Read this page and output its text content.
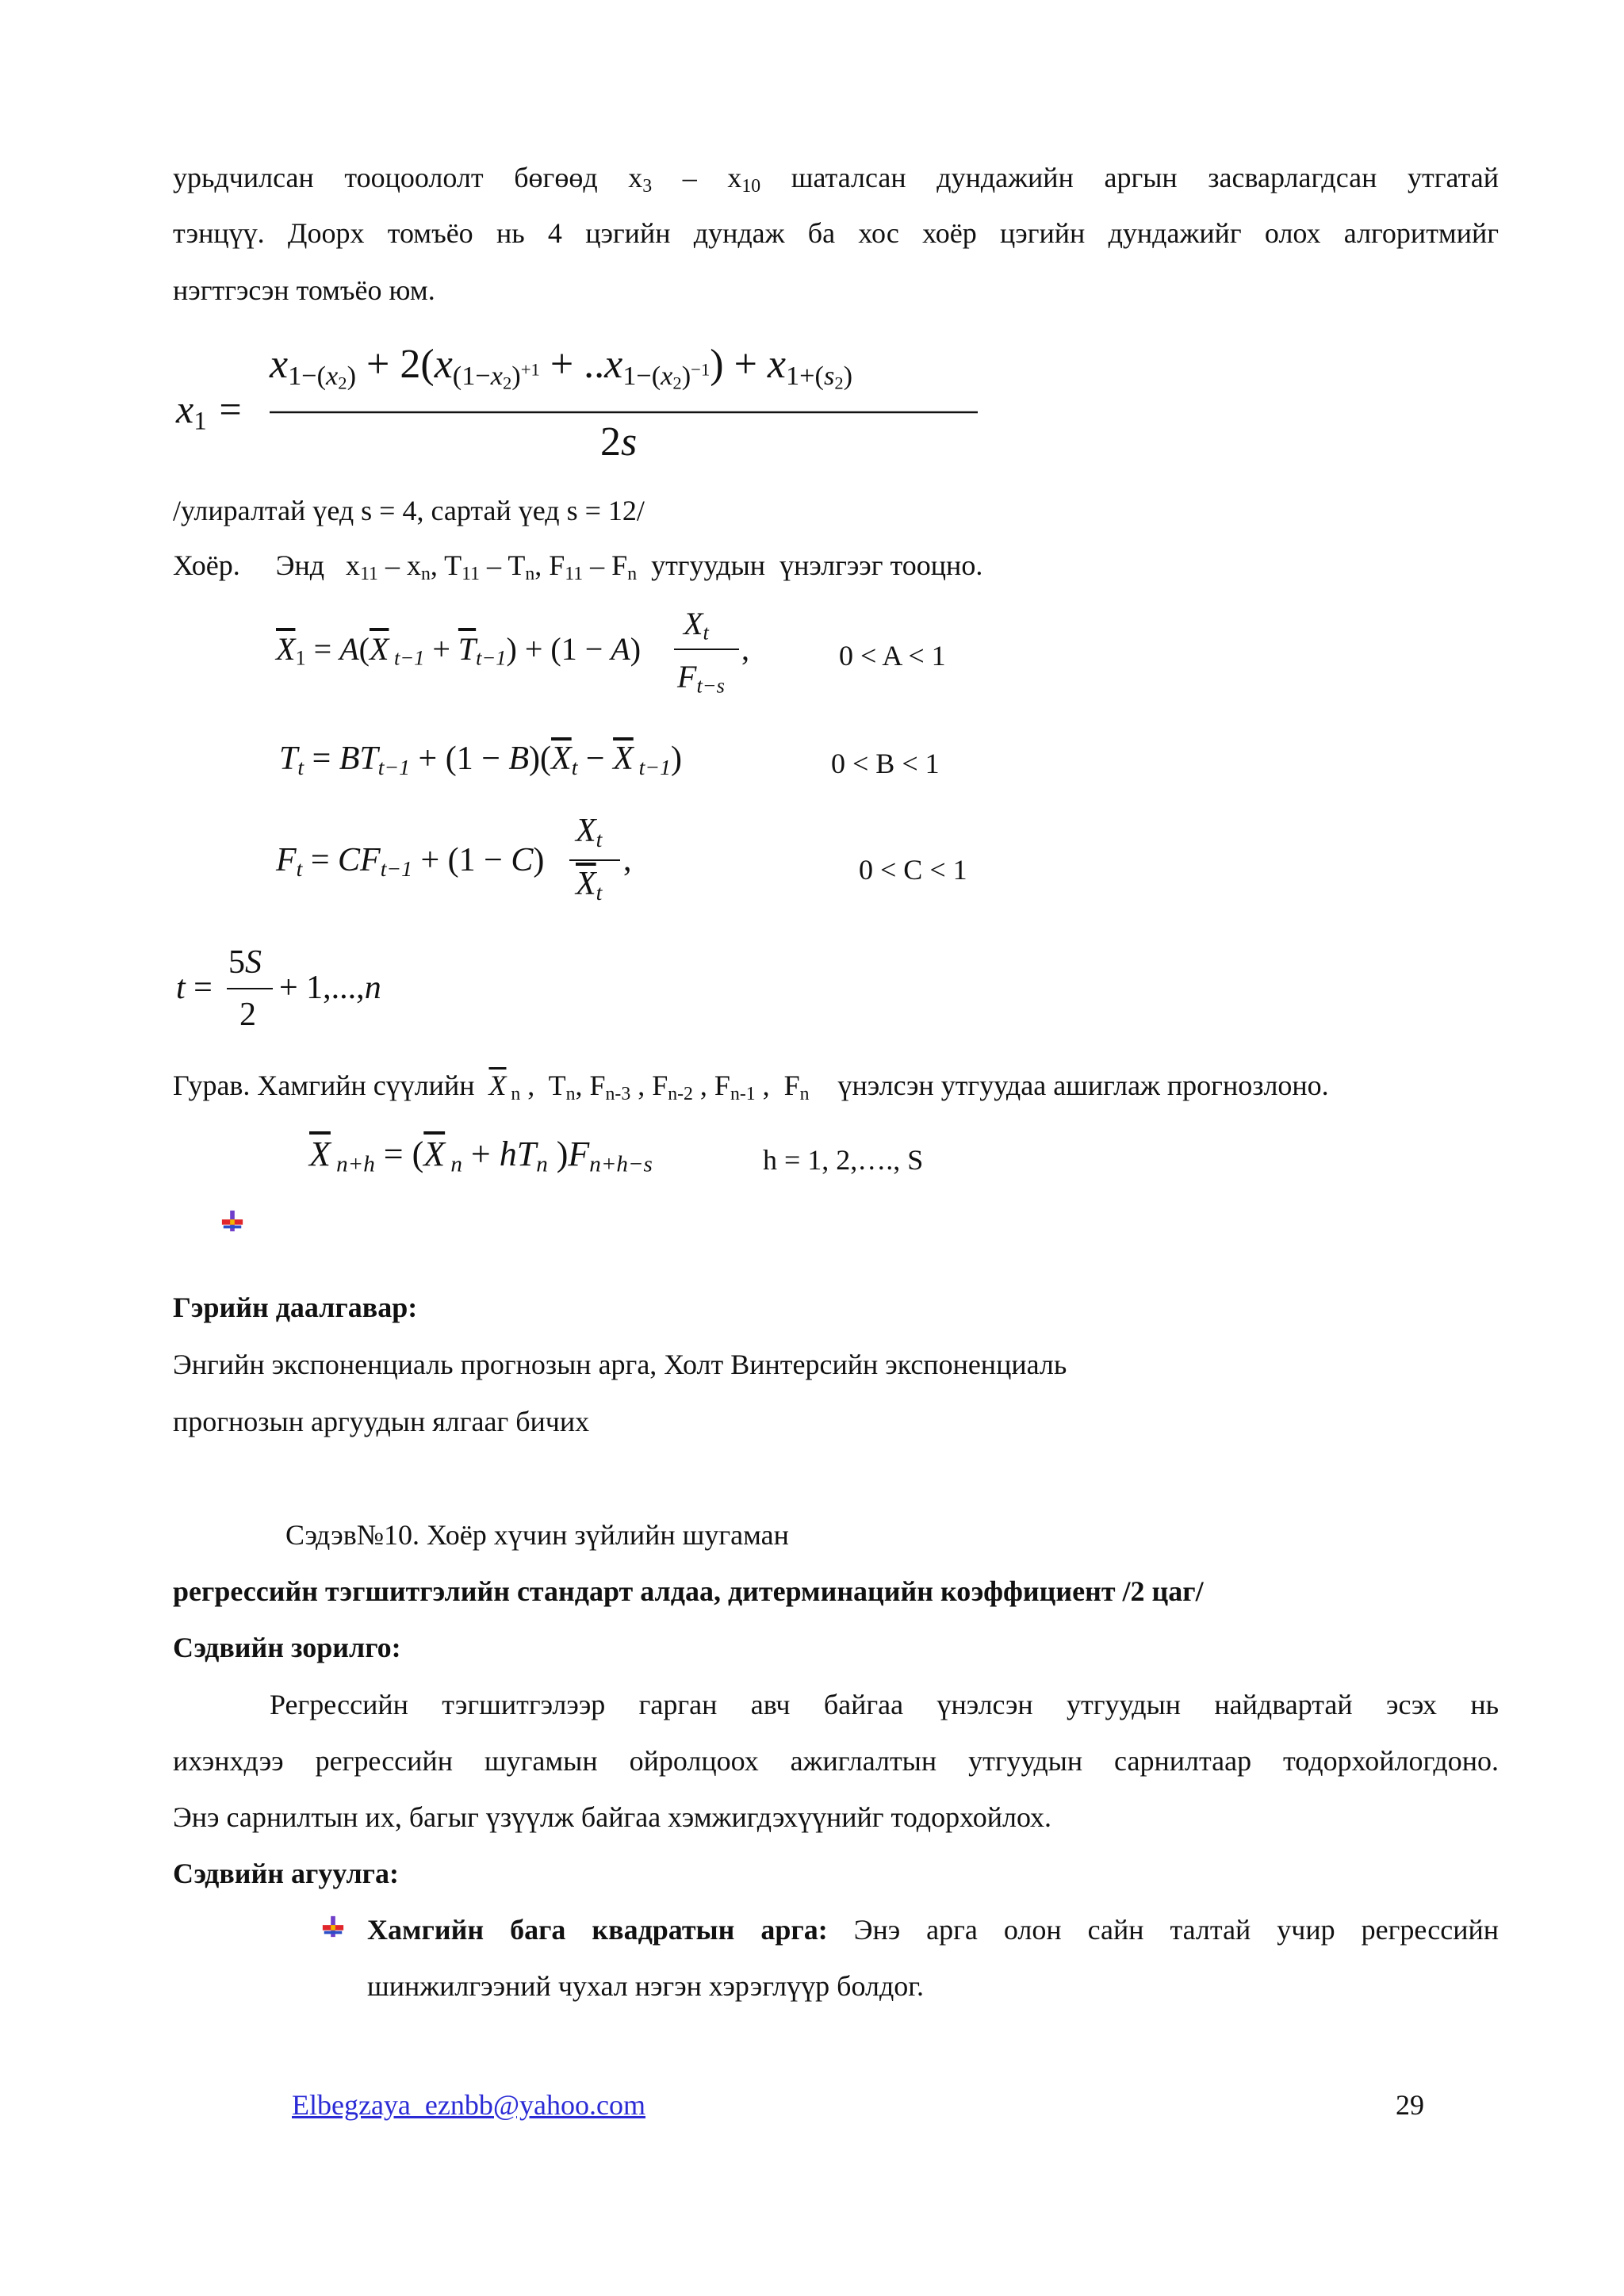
урьдчилсан  тооцоололт  бөгөөд  $x_3 - x_{10}$  шаталсан  дундажийн  аргын  засварлагдсан  утгатай
тэнцүү. Доорх томъёо нь 4 цэгийн дундаж ба хос хоёр цэгийн дундажийг олох алгоритмийг
нэгтгэсэн томъёо юм.
$x_1$ =
$x_{1-(x_2)} + 2(x_{(1-x_2)^{+1}} + ..x_{1-(x_2)^{-1}}) + x_{1+(s_2)}$
2s
/улиралтай үед s = 4, сартай үед s = 12/
Хоёр.     Энд   $x_{11} - x_n$, $T_{11} - T_n$, $F_{11} - F_n$  утгуудын  үнэлгээг тооцно.
$\overline{X}_1 = A(\overline{X}$ $_{t-1} + \overline{T}_{t-1}) + (1 - A)$
$X_t$
$F_{t-s}$
,	0 < A < 1
$T_t = BT_{t-1} + (1 - B)(\overline{X}_t - \overline{X}$ $_{t-1}$)	0 < B < 1
$F_t = CF_{t-1} + (1 - C)$
$X_t$
$\overline{X}_t$
,	0 < C < 1
t =
5S
2
+ 1,...,n
Гурав. Хамгийн сүүлийн  $\overline{X}$ $_n$ ,  $T_n$, $F_{n-3}$ , $F_{n-2}$ , $F_{n-1}$ ,  $F_n$    үнэлсэн утгуудаа ашиглаж прогнозлоно.
$\overline{X}$ $_{n+h} = (\overline{X}$ $_n + hT_n$ )$F_{n+h-s}$	h = 1, 2,…., S
Гэрийн даалгавар:
Энгийн экспоненциаль прогнозын арга, Холт Винтерсийн экспоненциаль
прогнозын аргуудын ялгааг бичих
Сэдэв№10. Хоёр хүчин зүйлийн шугаман
регрессийн тэгшитгэлийн стандарт алдаа, дитерминацийн коэффициент /2 цаг/
Сэдвийн зорилго:
Регрессийн тэгшитгэлээр гарган авч байгаа үнэлсэн утгуудын найдвартай эсэх нь
ихэнхдээ регрессийн шугамын ойролцоох ажиглалтын утгуудын сарнилтаар тодорхойлогдоно.
Энэ сарнилтын их, багыг үзүүлж байгаа хэмжигдэхүүнийг тодорхойлох.
Сэдвийн агуулга:
Хамгийн бага квадратын арга: Энэ арга олон сайн талтай учир регрессийн
шинжилгээний чухал нэгэн хэрэглүүр болдог.
Elbegzaya_eznbb@yahoo.com	29
